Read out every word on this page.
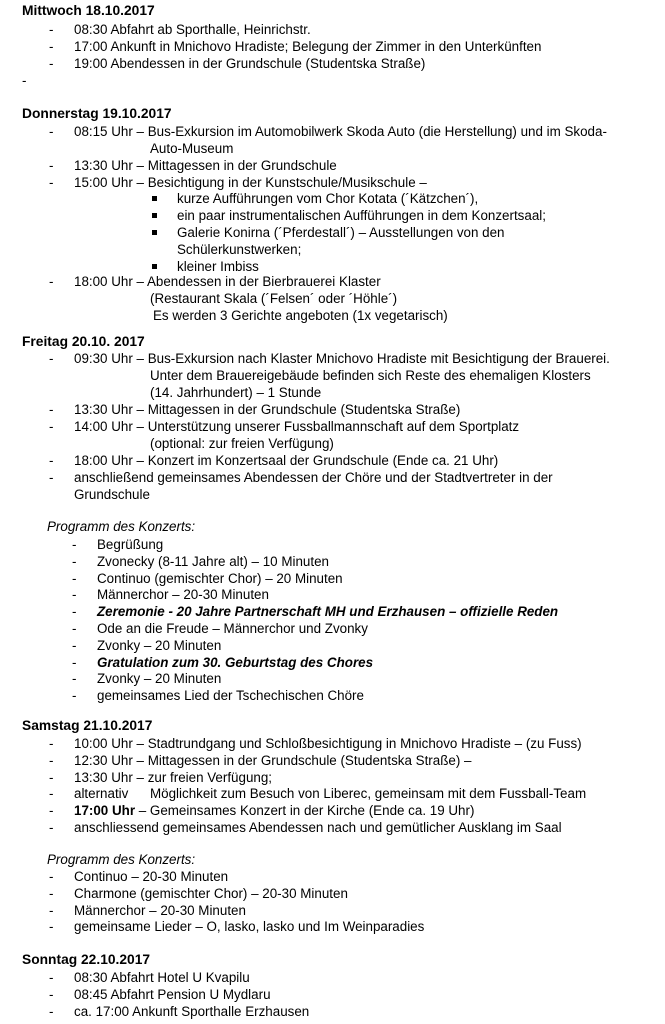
Mittwoch 18.10.2017
- 08:30 Abfahrt ab Sporthalle, Heinrichstr.
- 17:00 Ankunft in Mnichovo Hradiste; Belegung der Zimmer in den Unterkünften
- 19:00 Abendessen in der Grundschule (Studentska Straße)
-
Donnerstag 19.10.2017
- 08:15 Uhr – Bus-Exkursion im Automobilwerk Skoda Auto (die Herstellung) und im Skoda-
Auto-Museum
- 13:30 Uhr – Mittagessen in der Grundschule
- 15:00 Uhr – Besichtigung in der Kunstschule/Musikschule –
kurze Aufführungen vom Chor Kotata (´Kätzchen´),
ein paar instrumentalischen Aufführungen in dem Konzertsaal;
Galerie Konirna (´Pferdestall´) – Ausstellungen von den
Schülerkunstwerken;
kleiner Imbiss
- 18:00 Uhr – Abendessen in der Bierbrauerei Klaster
(Restaurant Skala (´Felsen´ oder ´Höhle´)
Es werden 3 Gerichte angeboten (1x vegetarisch)
Freitag 20.10. 2017
- 09:30 Uhr – Bus-Exkursion nach Klaster Mnichovo Hradiste mit Besichtigung der Brauerei.
Unter dem Brauereigebäude befinden sich Reste des ehemaligen Klosters
(14. Jahrhundert) – 1 Stunde
- 13:30 Uhr – Mittagessen in der Grundschule (Studentska Straße)
- 14:00 Uhr – Unterstützung unserer Fussballmannschaft auf dem Sportplatz
(optional: zur freien Verfügung)
- 18:00 Uhr – Konzert im Konzertsaal der Grundschule (Ende ca. 21 Uhr)
- anschließend gemeinsames Abendessen der Chöre und der Stadtvertreter in der
Grundschule
Programm des Konzerts:
- Begrüßung
- Zvonecky (8-11 Jahre alt) – 10 Minuten
- Continuo (gemischter Chor) – 20 Minuten
- Männerchor – 20-30 Minuten
- Zeremonie - 20 Jahre Partnerschaft MH und Erzhausen – offizielle Reden
- Ode an die Freude – Männerchor und Zvonky
- Zvonky – 20 Minuten
- Gratulation zum 30. Geburtstag des Chores
- Zvonky – 20 Minuten
- gemeinsames Lied der Tschechischen Chöre
Samstag 21.10.2017
- 10:00 Uhr – Stadtrundgang und Schloßbesichtigung in Mnichovo Hradiste – (zu Fuss)
- 12:30 Uhr – Mittagessen in der Grundschule (Studentska Straße) –
- 13:30 Uhr – zur freien Verfügung;
- alternativ Möglichkeit zum Besuch von Liberec, gemeinsam mit dem Fussball-Team
- 17:00 Uhr – Gemeinsames Konzert in der Kirche (Ende ca. 19 Uhr)
- anschliessend gemeinsames Abendessen nach und gemütlicher Ausklang im Saal
Programm des Konzerts:
- Continuo – 20-30 Minuten
- Charmone (gemischter Chor) – 20-30 Minuten
- Männerchor – 20-30 Minuten
- gemeinsame Lieder – O, lasko, lasko und Im Weinparadies
Sonntag 22.10.2017
- 08:30 Abfahrt Hotel U Kvapilu
- 08:45 Abfahrt Pension U Mydlaru
- ca. 17:00 Ankunft Sporthalle Erzhausen
